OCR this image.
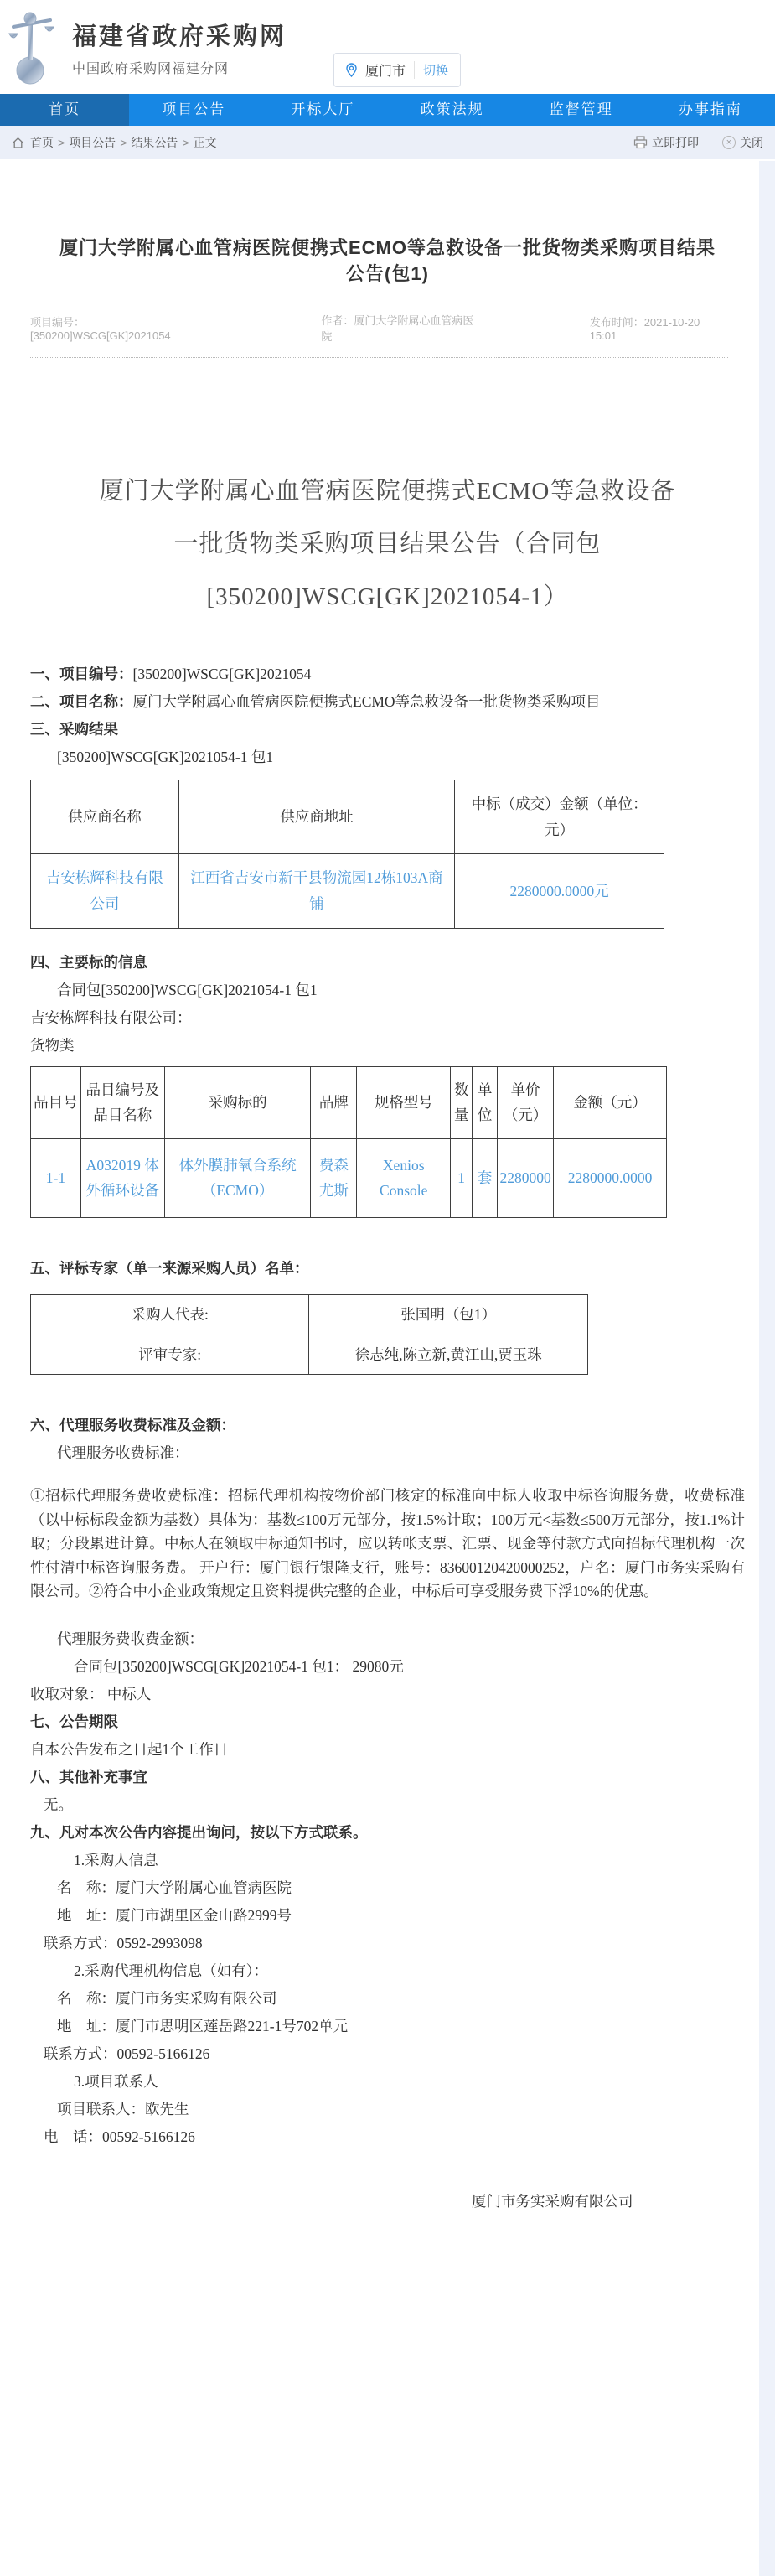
福建省政府采购网
中国政府采购网福建分网	厦门市	切换
首页	项目公告	开标大厅	政策法规	监督管理	办事指南
首页 > 项目公告 > 结果公告 > 正文	立即打印 ×	关闭
厦门大学附属心血管病医院便携式ECMO等急救设备一批货物类采购项目结果公告(包1)
项目编号：[350200]WSCG[GK]2021054
作者：厦门大学附属心血管病医院
发布时间：2021-10-20 15:01
厦门大学附属心血管病医院便携式ECMO等急救设备一批货物类采购项目结果公告（合同包[350200]WSCG[GK]2021054-1）
一、项目编号：[350200]WSCG[GK]2021054
二、项目名称：厦门大学附属心血管病医院便携式ECMO等急救设备一批货物类采购项目
三、采购结果
[350200]WSCG[GK]2021054-1 包1
供应商名称	供应商地址	中标（成交）金额（单位：元）
吉安栋辉科技有限公司	江西省吉安市新干县物流园12栋103A商铺	2280000.0000元
四、主要标的信息
合同包[350200]WSCG[GK]2021054-1 包1
吉安栋辉科技有限公司：
货物类
品目号	品目编号及品目名称	采购标的	品牌	规格型号	数量	单位	单价（元）	金额（元）
1-1	A032019 体外循环设备	体外膜肺氧合系统（ECMO）	费森尤斯	Xenios Console	1	套	2280000	2280000.0000
五、评标专家（单一来源采购人员）名单：
采购人代表:	张国明（包1）
评审专家:	徐志纯,陈立新,黄江山,贾玉珠
六、代理服务收费标准及金额：
代理服务收费标准：
①招标代理服务费收费标准：招标代理机构按物价部门核定的标准向中标人收取中标咨询服务费，收费标准（以中标标段金额为基数）具体为：基数≤100万元部分，按1.5%计取；100万元<基数≤500万元部分，按1.1%计取；分段累进计算。中标人在领取中标通知书时，应以转帐支票、汇票、现金等付款方式向招标代理机构一次性付清中标咨询服务费。 开户行：厦门银行银隆支行，账号：83600120420000252，户名：厦门市务实采购有限公司。②符合中小企业政策规定且资料提供完整的企业，中标后可享受服务费下浮10%的优惠。
代理服务费收费金额：
合同包[350200]WSCG[GK]2021054-1 包1： 29080元
收取对象： 中标人
七、公告期限
自本公告发布之日起1个工作日
八、其他补充事宜
无。
九、凡对本次公告内容提出询问，按以下方式联系。
1.采购人信息
名　称：厦门大学附属心血管病医院
地　址：厦门市湖里区金山路2999号
联系方式：0592-2993098
2.采购代理机构信息（如有）：
名　称：厦门市务实采购有限公司
地　址：厦门市思明区莲岳路221-1号702单元
联系方式：00592-5166126
3.项目联系人
项目联系人：欧先生
电　话：00592-5166126
厦门市务实采购有限公司
